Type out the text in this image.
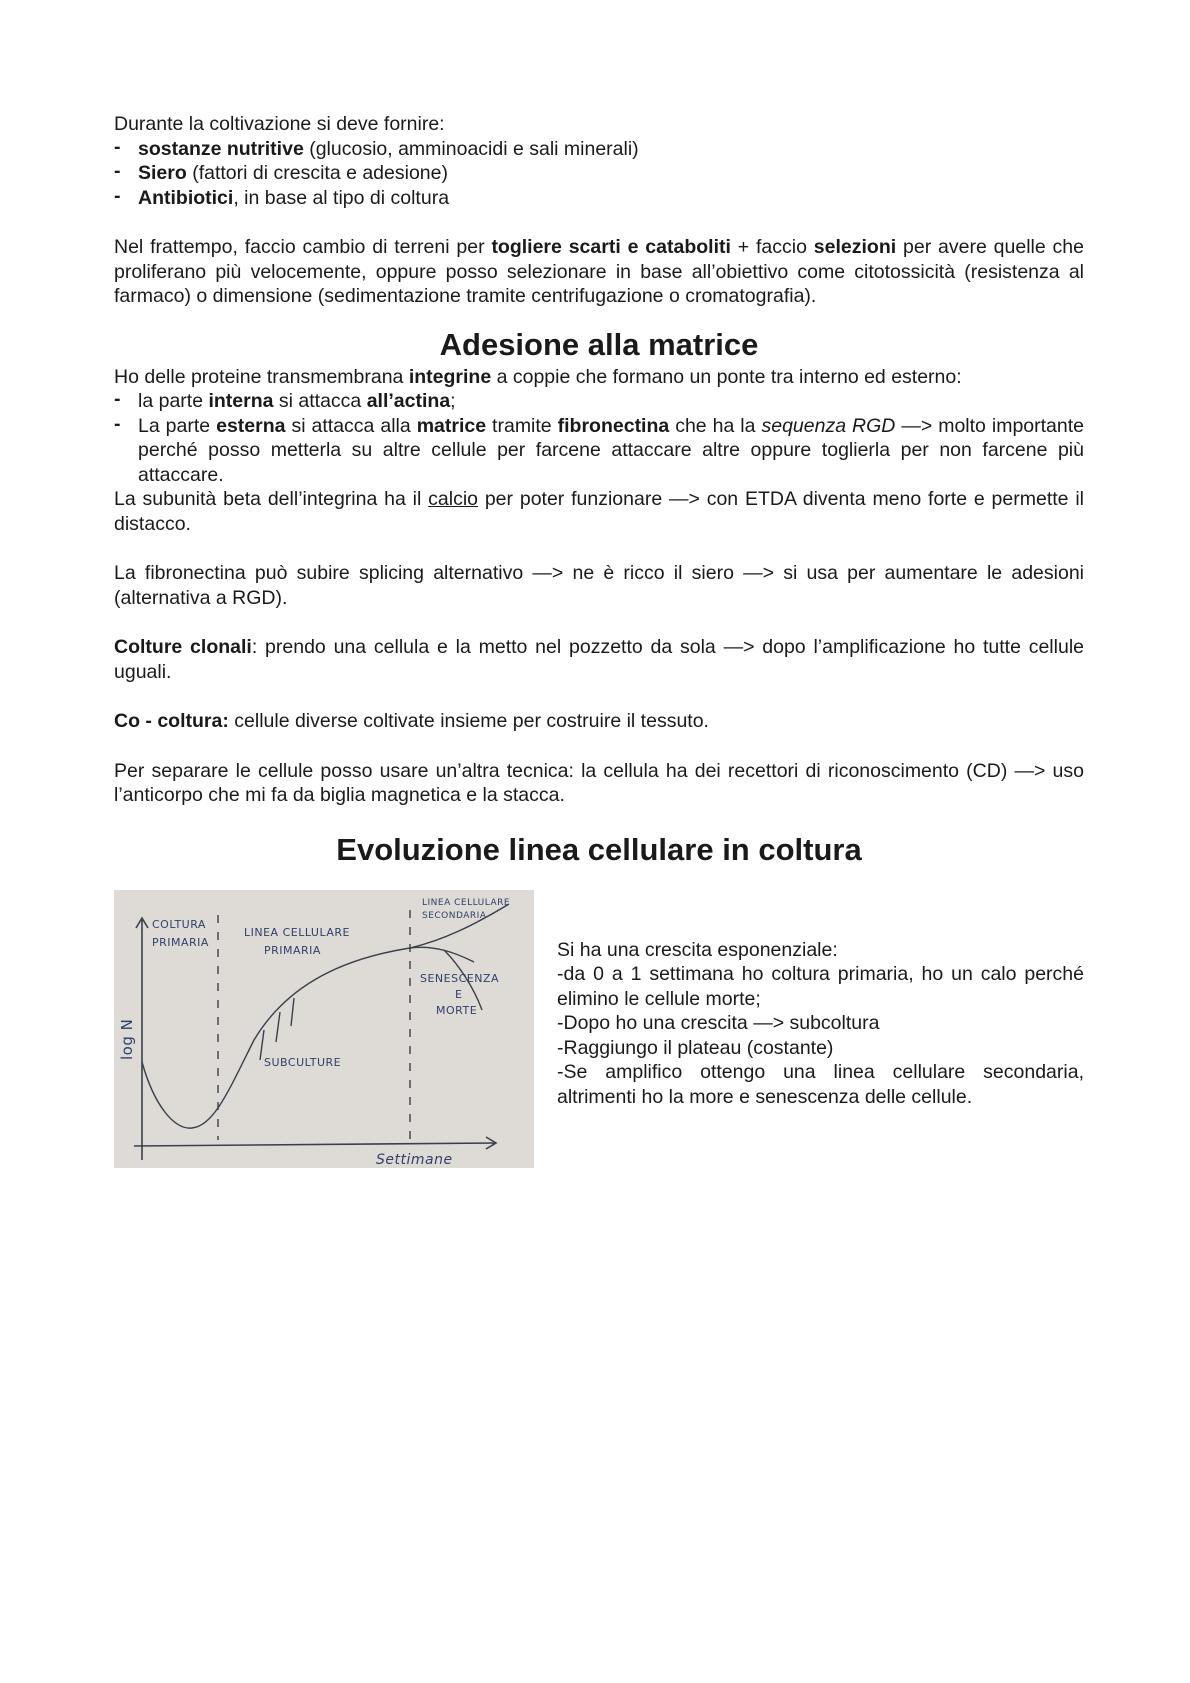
Durante la coltivazione si deve fornire:

- sostanze nutritive (glucosio, amminoacidi e sali minerali)
- Siero (fattori di crescita e adesione)
- Antibiotici, in base al tipo di coltura

Nel frattempo, faccio cambio di terreni per togliere scarti e cataboliti + faccio selezioni per avere quelle che proliferano più velocemente, oppure posso selezionare in base all’obiettivo come citotossicità (resistenza al farmaco) o dimensione (sedimentazione tramite centrifugazione o cromatografia).

Adesione alla matrice

Ho delle proteine transmembrana integrine a coppie che formano un ponte tra interno ed esterno:

- la parte interna si attacca all’actina;
- La parte esterna si attacca alla matrice tramite fibronectina che ha la sequenza RGD —> molto importante perché posso metterla su altre cellule per farcene attaccare altre oppure toglierla per non farcene più attaccare.

La subunità beta dell’integrina ha il calcio per poter funzionare —> con ETDA diventa meno forte e permette il distacco.

La fibronectina può subire splicing alternativo —> ne è ricco il siero —> si usa per aumentare le adesioni (alternativa a RGD).

Colture clonali: prendo una cellula e la metto nel pozzetto da sola —> dopo l’amplificazione ho tutte cellule uguali.

Co - coltura: cellule diverse coltivate insieme per costruire il tessuto.

Per separare le cellule posso usare un’altra tecnica: la cellula ha dei recettori di riconoscimento (CD) —> uso l’anticorpo che mi fa da biglia magnetica e la stacca.

Evoluzione linea cellulare in coltura
COLTURA
PRIMARIA
LINEA CELLULARE
PRIMARIA
LINEA CELLULARE
SECONDARIA
SENESCENZA
E
MORTE
SUBCULTURE
log N
Settimane

Si ha una crescita esponenziale:

-da 0 a 1 settimana ho coltura primaria, ho un calo perché elimino le cellule morte;

-Dopo ho una crescita —> subcoltura

-Raggiungo il plateau (costante)

-Se amplifico ottengo una linea cellulare secondaria, altrimenti ho la more e senescenza delle cellule.
